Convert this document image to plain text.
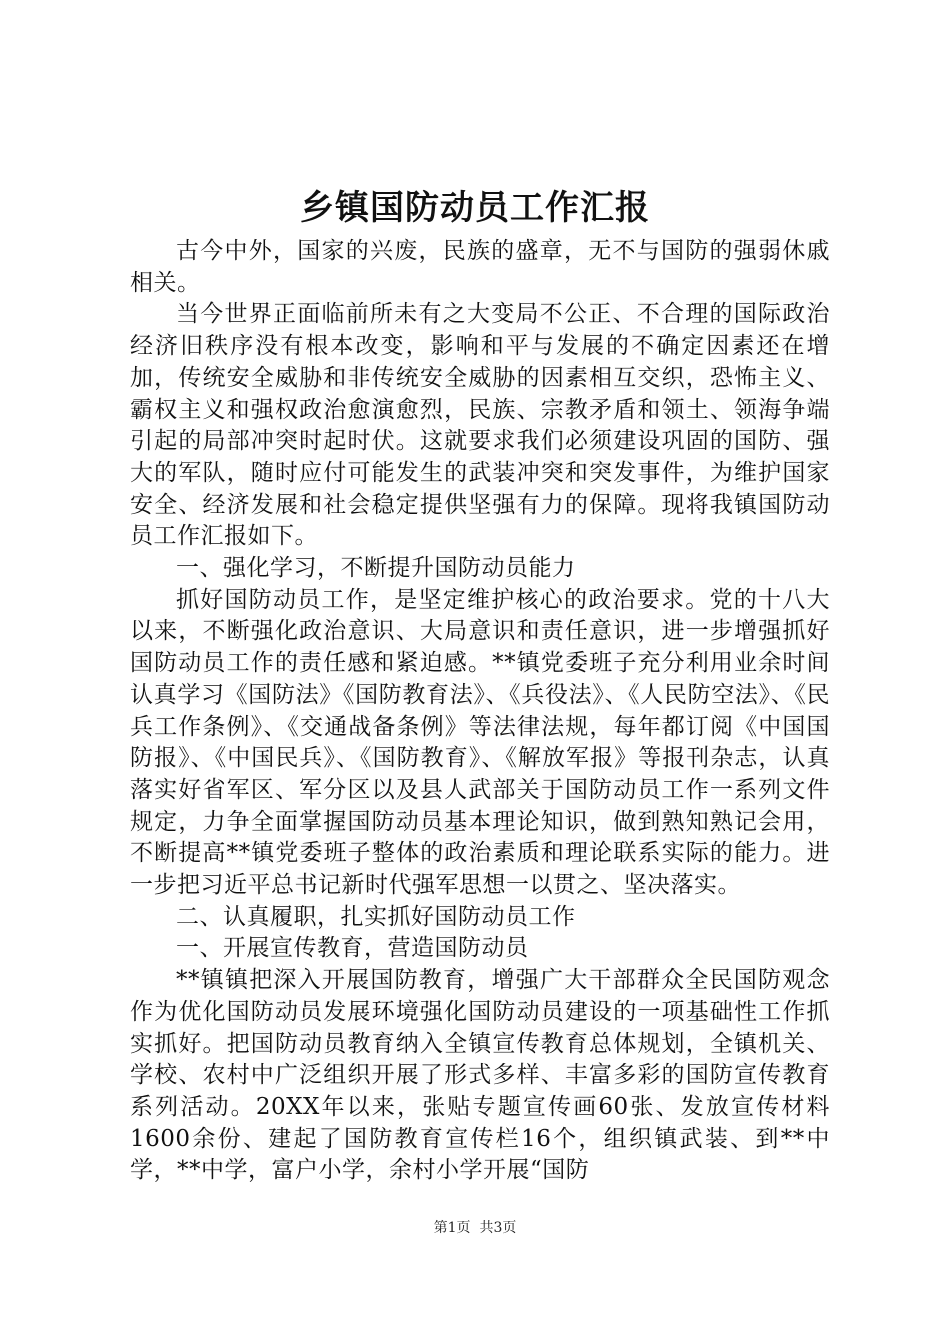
乡镇国防动员工作汇报

古今中外，国家的兴废，民族的盛章，无不与国防的强弱休戚相关。

当今世界正面临前所未有之大变局不公正、不合理的国际政治经济旧秩序没有根本改变，影响和平与发展的不确定因素还在增加，传统安全威胁和非传统安全威胁的因素相互交织，恐怖主义、霸权主义和强权政治愈演愈烈，民族、宗教矛盾和领土、领海争端引起的局部冲突时起时伏。这就要求我们必须建设巩固的国防、强大的军队，随时应付可能发生的武装冲突和突发事件，为维护国家安全、经济发展和社会稳定提供坚强有力的保障。现将我镇国防动员工作汇报如下。

一、强化学习，不断提升国防动员能力

抓好国防动员工作，是坚定维护核心的政治要求。党的十八大以来，不断强化政治意识、大局意识和责任意识，进一步增强抓好国防动员工作的责任感和紧迫感。**镇党委班子充分利用业余时间认真学习《国防法》《国防教育法》、《兵役法》、《人民防空法》、《民兵工作条例》、《交通战备条例》等法律法规，每年都订阅《中国国防报》、《中国民兵》、《国防教育》、《解放军报》等报刊杂志，认真落实好省军区、军分区以及县人武部关于国防动员工作一系列文件规定，力争全面掌握国防动员基本理论知识，做到熟知熟记会用，不断提高**镇党委班子整体的政治素质和理论联系实际的能力。进一步把习近平总书记新时代强军思想一以贯之、坚决落实。

二、认真履职，扎实抓好国防动员工作

一、开展宣传教育，营造国防动员

**镇镇把深入开展国防教育，增强广大干部群众全民国防观念作为优化国防动员发展环境强化国防动员建设的一项基础性工作抓实抓好。把国防动员教育纳入全镇宣传教育总体规划，全镇机关、学校、农村中广泛组织开展了形式多样、丰富多彩的国防宣传教育系列活动。20XX年以来，张贴专题宣传画60张、发放宣传材料1600余份、建起了国防教育宣传栏16个，组织镇武装、到**中学，**中学，富户小学，余村小学开展“国防

第1页 共3页
